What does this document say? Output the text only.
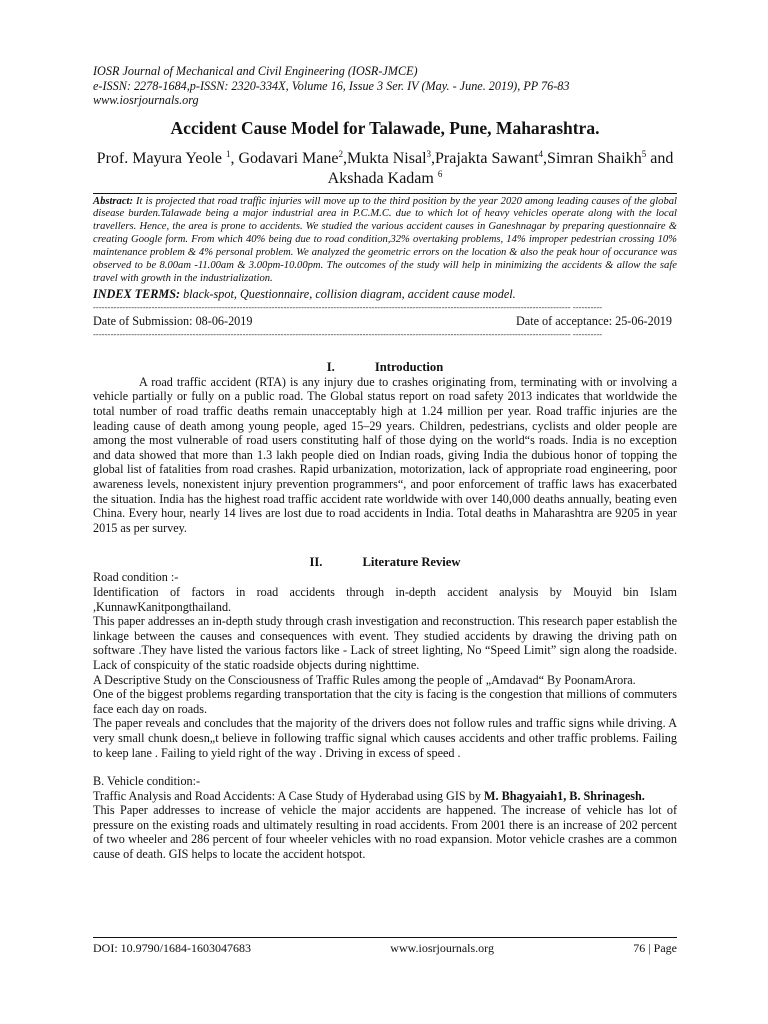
IOSR Journal of Mechanical and Civil Engineering (IOSR-JMCE)
e-ISSN: 2278-1684,p-ISSN: 2320-334X, Volume 16, Issue 3 Ser. IV (May. - June. 2019), PP 76-83
www.iosrjournals.org
Accident Cause Model for Talawade, Pune, Maharashtra.
Prof. Mayura Yeole $^1$, Godavari Mane$^2$,Mukta Nisal$^3$,Prajakta Sawant$^4$,Simran Shaikh$^5$ and Akshada Kadam $^6$
Abstract: It is projected that road traffic injuries will move up to the third position by the year 2020 among leading causes of the global disease burden.Talawade being a major industrial area in P.C.M.C. due to which lot of heavy vehicles operate along with the local travellers. Hence, the area is prone to accidents. We studied the various accident causes in Ganeshnagar by preparing questionnaire & creating Google form. From which 40% being due to road condition,32% overtaking problems, 14% improper pedestrian crossing 10% maintenance problem & 4% personal problem. We analyzed the geometric errors on the location & also the peak hour of occurance was observed to be 8.00am -11.00am & 3.00pm-10.00pm. The outcomes of the study will help in minimizing the accidents & allow the safe travel with growth in the industrialization.
INDEX TERMS: black-spot, Questionnaire, collision diagram, accident cause model.
------------------------------------------------------------------------------------------------------------------------------------------------------------------- ----------
Date of Submission: 08-06-2019	Date of acceptance: 25-06-2019
------------------------------------------------------------------------------------------------------------------------------------------------------------------- ----------
I.	Introduction

A road traffic accident (RTA) is any injury due to crashes originating from, terminating with or involving a vehicle partially or fully on a public road. The Global status report on road safety 2013 indicates that worldwide the total number of road traffic deaths remain unacceptably high at 1.24 million per year. Road traffic injuries are the leading cause of death among young people, aged 15–29 years. Children, pedestrians, cyclists and older people are among the most vulnerable of road users constituting half of those dying on the world“s roads. India is no exception and data showed that more than 1.3 lakh people died on Indian roads, giving India the dubious honor of topping the global list of fatalities from road crashes. Rapid urbanization, motorization, lack of appropriate road engineering, poor awareness levels, nonexistent injury prevention programmers“, and poor enforcement of traffic laws has exacerbated the situation. India has the highest road traffic accident rate worldwide with over 140,000 deaths annually, beating even China. Every hour, nearly 14 lives are lost due to road accidents in India. Total deaths in Maharashtra are 9205 in year 2015 as per survey.

II.	Literature Review

Road condition :-

Identification of factors in road accidents through in-depth accident analysis by Mouyid bin Islam ,KunnawKanitpongthailand.

This paper addresses an in-depth study through crash investigation and reconstruction. This research paper establish the linkage between the causes and consequences with event. They studied accidents by drawing the driving path on software .They have listed the various factors like - Lack of street lighting, No “Speed Limit” sign along the roadside. Lack of conspicuity of the static roadside objects during nighttime.

A Descriptive Study on the Consciousness of Traffic Rules among the people of „Amdavad“ By PoonamArora.

One of the biggest problems regarding transportation that the city is facing is the congestion that millions of commuters face each day on roads.

The paper reveals and concludes that the majority of the drivers does not follow rules and traffic signs while driving. A very small chunk doesn„t believe in following traffic signal which causes accidents and other traffic problems. Failing to keep lane . Failing to yield right of the way . Driving in excess of speed .

B. Vehicle condition:-

Traffic Analysis and Road Accidents: A Case Study of Hyderabad using GIS by M. Bhagyaiah1, B. Shrinagesh.

This Paper addresses to increase of vehicle the major accidents are happened. The increase of vehicle has lot of pressure on the existing roads and ultimately resulting in road accidents. From 2001 there is an increase of 202 percent of two wheeler and 286 percent of four wheeler vehicles with no road expansion. Motor vehicle crashes are a common cause of death. GIS helps to locate the accident hotspot.

DOI: 10.9790/1684-1603047683	www.iosrjournals.org	76 | Page
